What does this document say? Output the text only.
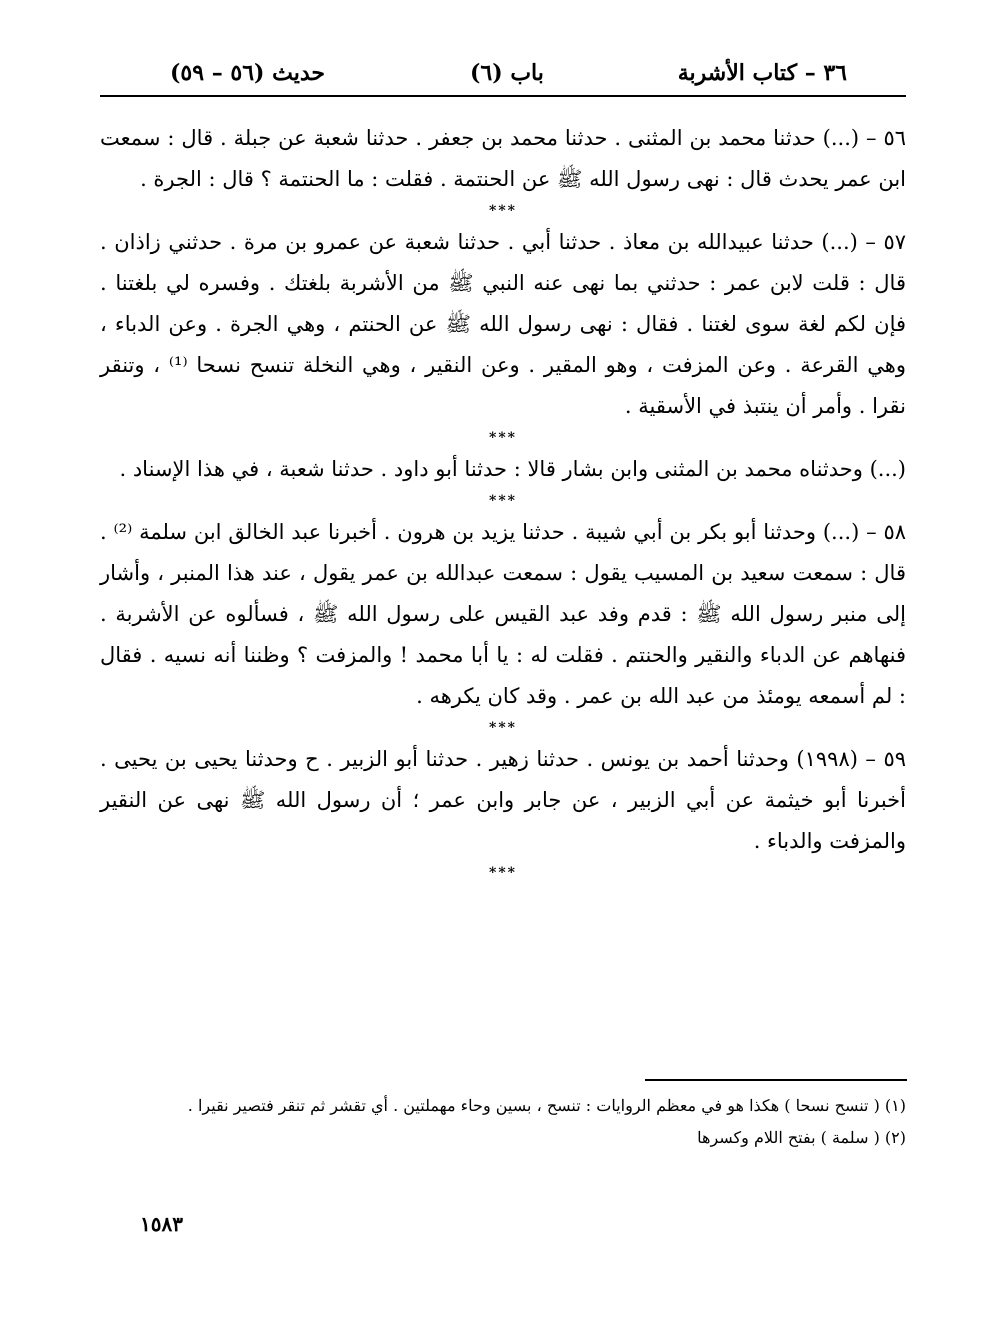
٣٦ – كتاب الأشربة
(٦) باب
(٥٦ – ٥٩) حديث

٥٦ – (...) حدثنا محمد بن المثنى . حدثنا محمد بن جعفر . حدثنا شعبة عن جبلة . قال : سمعت ابن عمر يحدث قال : نهى رسول الله ﷺ عن الحنتمة . فقلت : ما الحنتمة ؟ قال : الجرة .

***

٥٧ – (...) حدثنا عبيدالله بن معاذ . حدثنا أبي . حدثنا شعبة عن عمرو بن مرة . حدثني زاذان . قال : قلت لابن عمر : حدثني بما نهى عنه النبي ﷺ من الأشربة بلغتك . وفسره لي بلغتنا . فإن لكم لغة سوى لغتنا . فقال : نهى رسول الله ﷺ عن الحنتم ، وهي الجرة . وعن الدباء ، وهي القرعة . وعن المزفت ، وهو المقير . وعن النقير ، وهي النخلة تنسح نسحا ⁽¹⁾ ، وتنقر نقرا . وأمر أن ينتبذ في الأسقية .

***

(...) وحدثناه محمد بن المثنى وابن بشار قالا : حدثنا أبو داود . حدثنا شعبة ، في هذا الإسناد .

***

٥٨ – (...) وحدثنا أبو بكر بن أبي شيبة . حدثنا يزيد بن هرون . أخبرنا عبد الخالق ابن سلمة ⁽²⁾ . قال : سمعت سعيد بن المسيب يقول : سمعت عبدالله بن عمر يقول ، عند هذا المنبر ، وأشار إلى منبر رسول الله ﷺ : قدم وفد عبد القيس على رسول الله ﷺ ، فسألوه عن الأشربة . فنهاهم عن الدباء والنقير والحنتم . فقلت له : يا أبا محمد ! والمزفت ؟ وظننا أنه نسيه . فقال : لم أسمعه يومئذ من عبد الله بن عمر . وقد كان يكرهه .

***

٥٩ – (١٩٩٨) وحدثنا أحمد بن يونس . حدثنا زهير . حدثنا أبو الزبير . ح وحدثنا يحيى بن يحيى . أخبرنا أبو خيثمة عن أبي الزبير ، عن جابر وابن عمر ؛ أن رسول الله ﷺ نهى عن النقير والمزفت والدباء .

***

(١) ( تنسح نسحا ) هكذا هو في معظم الروايات : تنسح ، بسين وحاء مهملتين . أي تقشر ثم تنقر فتصير نقيرا .

(٢) ( سلمة ) بفتح اللام وكسرها

١٥٨٣
